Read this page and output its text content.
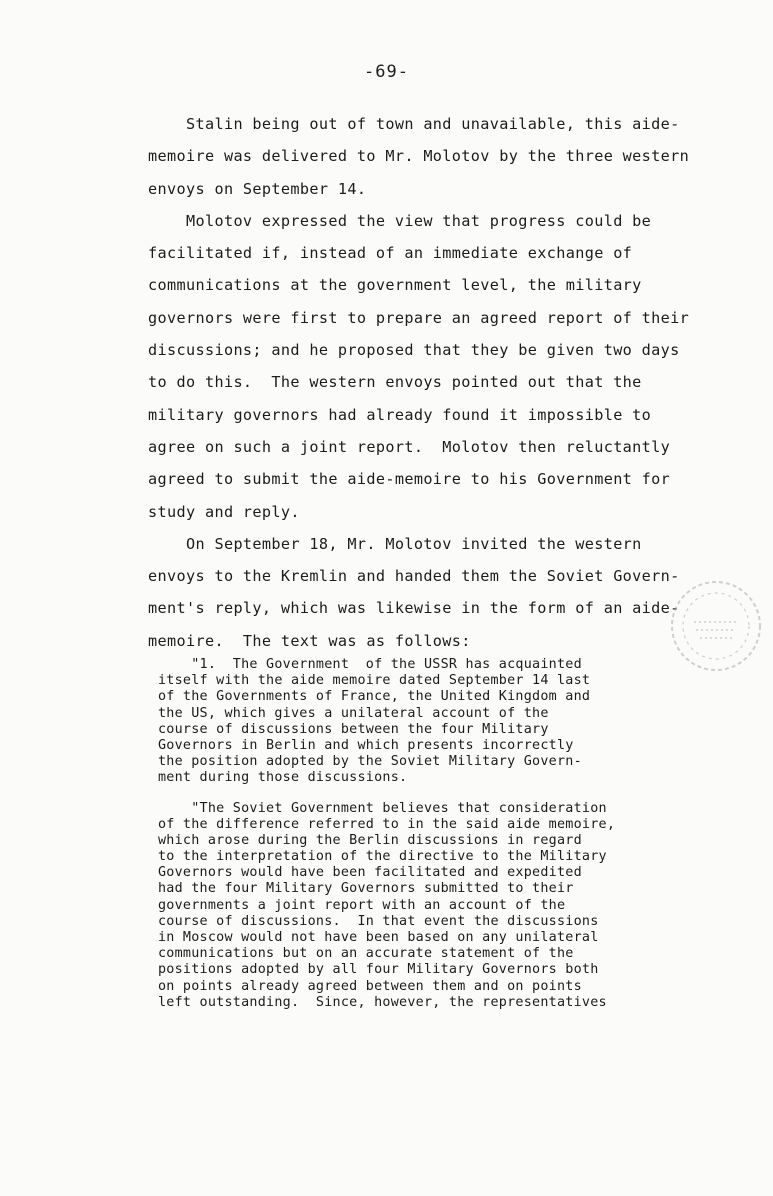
-69-
Stalin being out of town and unavailable, this aide-
memoire was delivered to Mr. Molotov by the three western
envoys on September 14.
Molotov expressed the view that progress could be
facilitated if, instead of an immediate exchange of
communications at the government level, the military
governors were first to prepare an agreed report of their
discussions; and he proposed that they be given two days
to do this.  The western envoys pointed out that the
military governors had already found it impossible to
agree on such a joint report.  Molotov then reluctantly
agreed to submit the aide-memoire to his Government for
study and reply.
On September 18, Mr. Molotov invited the western
envoys to the Kremlin and handed them the Soviet Govern-
ment's reply, which was likewise in the form of an aide-
memoire.  The text was as follows:
"1.  The Government  of the USSR has acquainted
itself with the aide memoire dated September 14 last
of the Governments of France, the United Kingdom and
the US, which gives a unilateral account of the
course of discussions between the four Military
Governors in Berlin and which presents incorrectly
the position adopted by the Soviet Military Govern-
ment during those discussions.
"The Soviet Government believes that consideration
of the difference referred to in the said aide memoire,
which arose during the Berlin discussions in regard
to the interpretation of the directive to the Military
Governors would have been facilitated and expedited
had the four Military Governors submitted to their
governments a joint report with an account of the
course of discussions.  In that event the discussions
in Moscow would not have been based on any unilateral
communications but on an accurate statement of the
positions adopted by all four Military Governors both
on points already agreed between them and on points
left outstanding.  Since, however, the representatives
